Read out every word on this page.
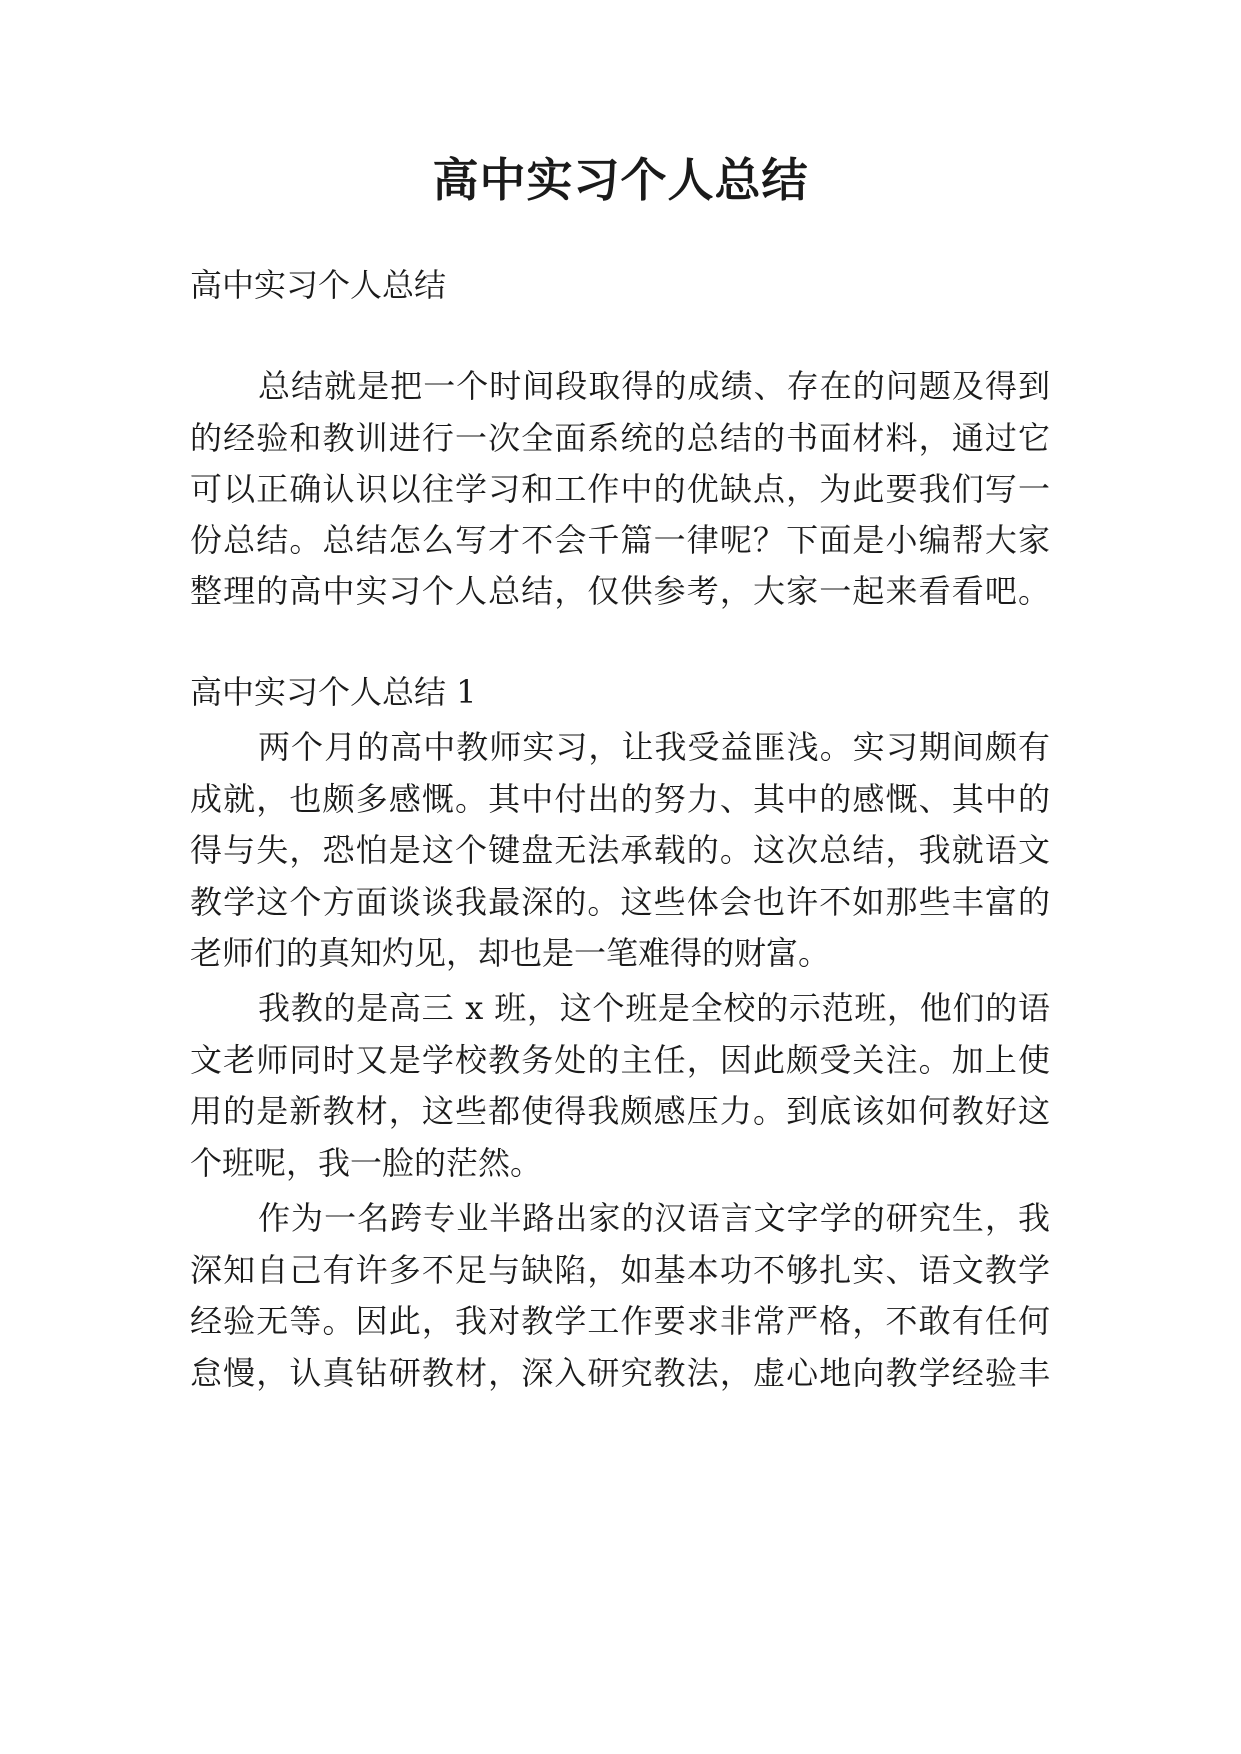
高中实习个人总结

高中实习个人总结

总结就是把一个时间段取得的成绩、存在的问题及得到

的经验和教训进行一次全面系统的总结的书面材料，通过它

可以正确认识以往学习和工作中的优缺点，为此要我们写一

份总结。总结怎么写才不会千篇一律呢？下面是小编帮大家

整理的高中实习个人总结，仅供参考，大家一起来看看吧。

高中实习个人总结 1

两个月的高中教师实习，让我受益匪浅。实习期间颇有

成就，也颇多感慨。其中付出的努力、其中的感慨、其中的

得与失，恐怕是这个键盘无法承载的。这次总结，我就语文

教学这个方面谈谈我最深的。这些体会也许不如那些丰富的

老师们的真知灼见，却也是一笔难得的财富。

我教的是高三 x 班，这个班是全校的示范班，他们的语

文老师同时又是学校教务处的主任，因此颇受关注。加上使

用的是新教材，这些都使得我颇感压力。到底该如何教好这

个班呢，我一脸的茫然。

作为一名跨专业半路出家的汉语言文字学的研究生，我

深知自己有许多不足与缺陷，如基本功不够扎实、语文教学

经验无等。因此，我对教学工作要求非常严格，不敢有任何

怠慢，认真钻研教材，深入研究教法，虚心地向教学经验丰
